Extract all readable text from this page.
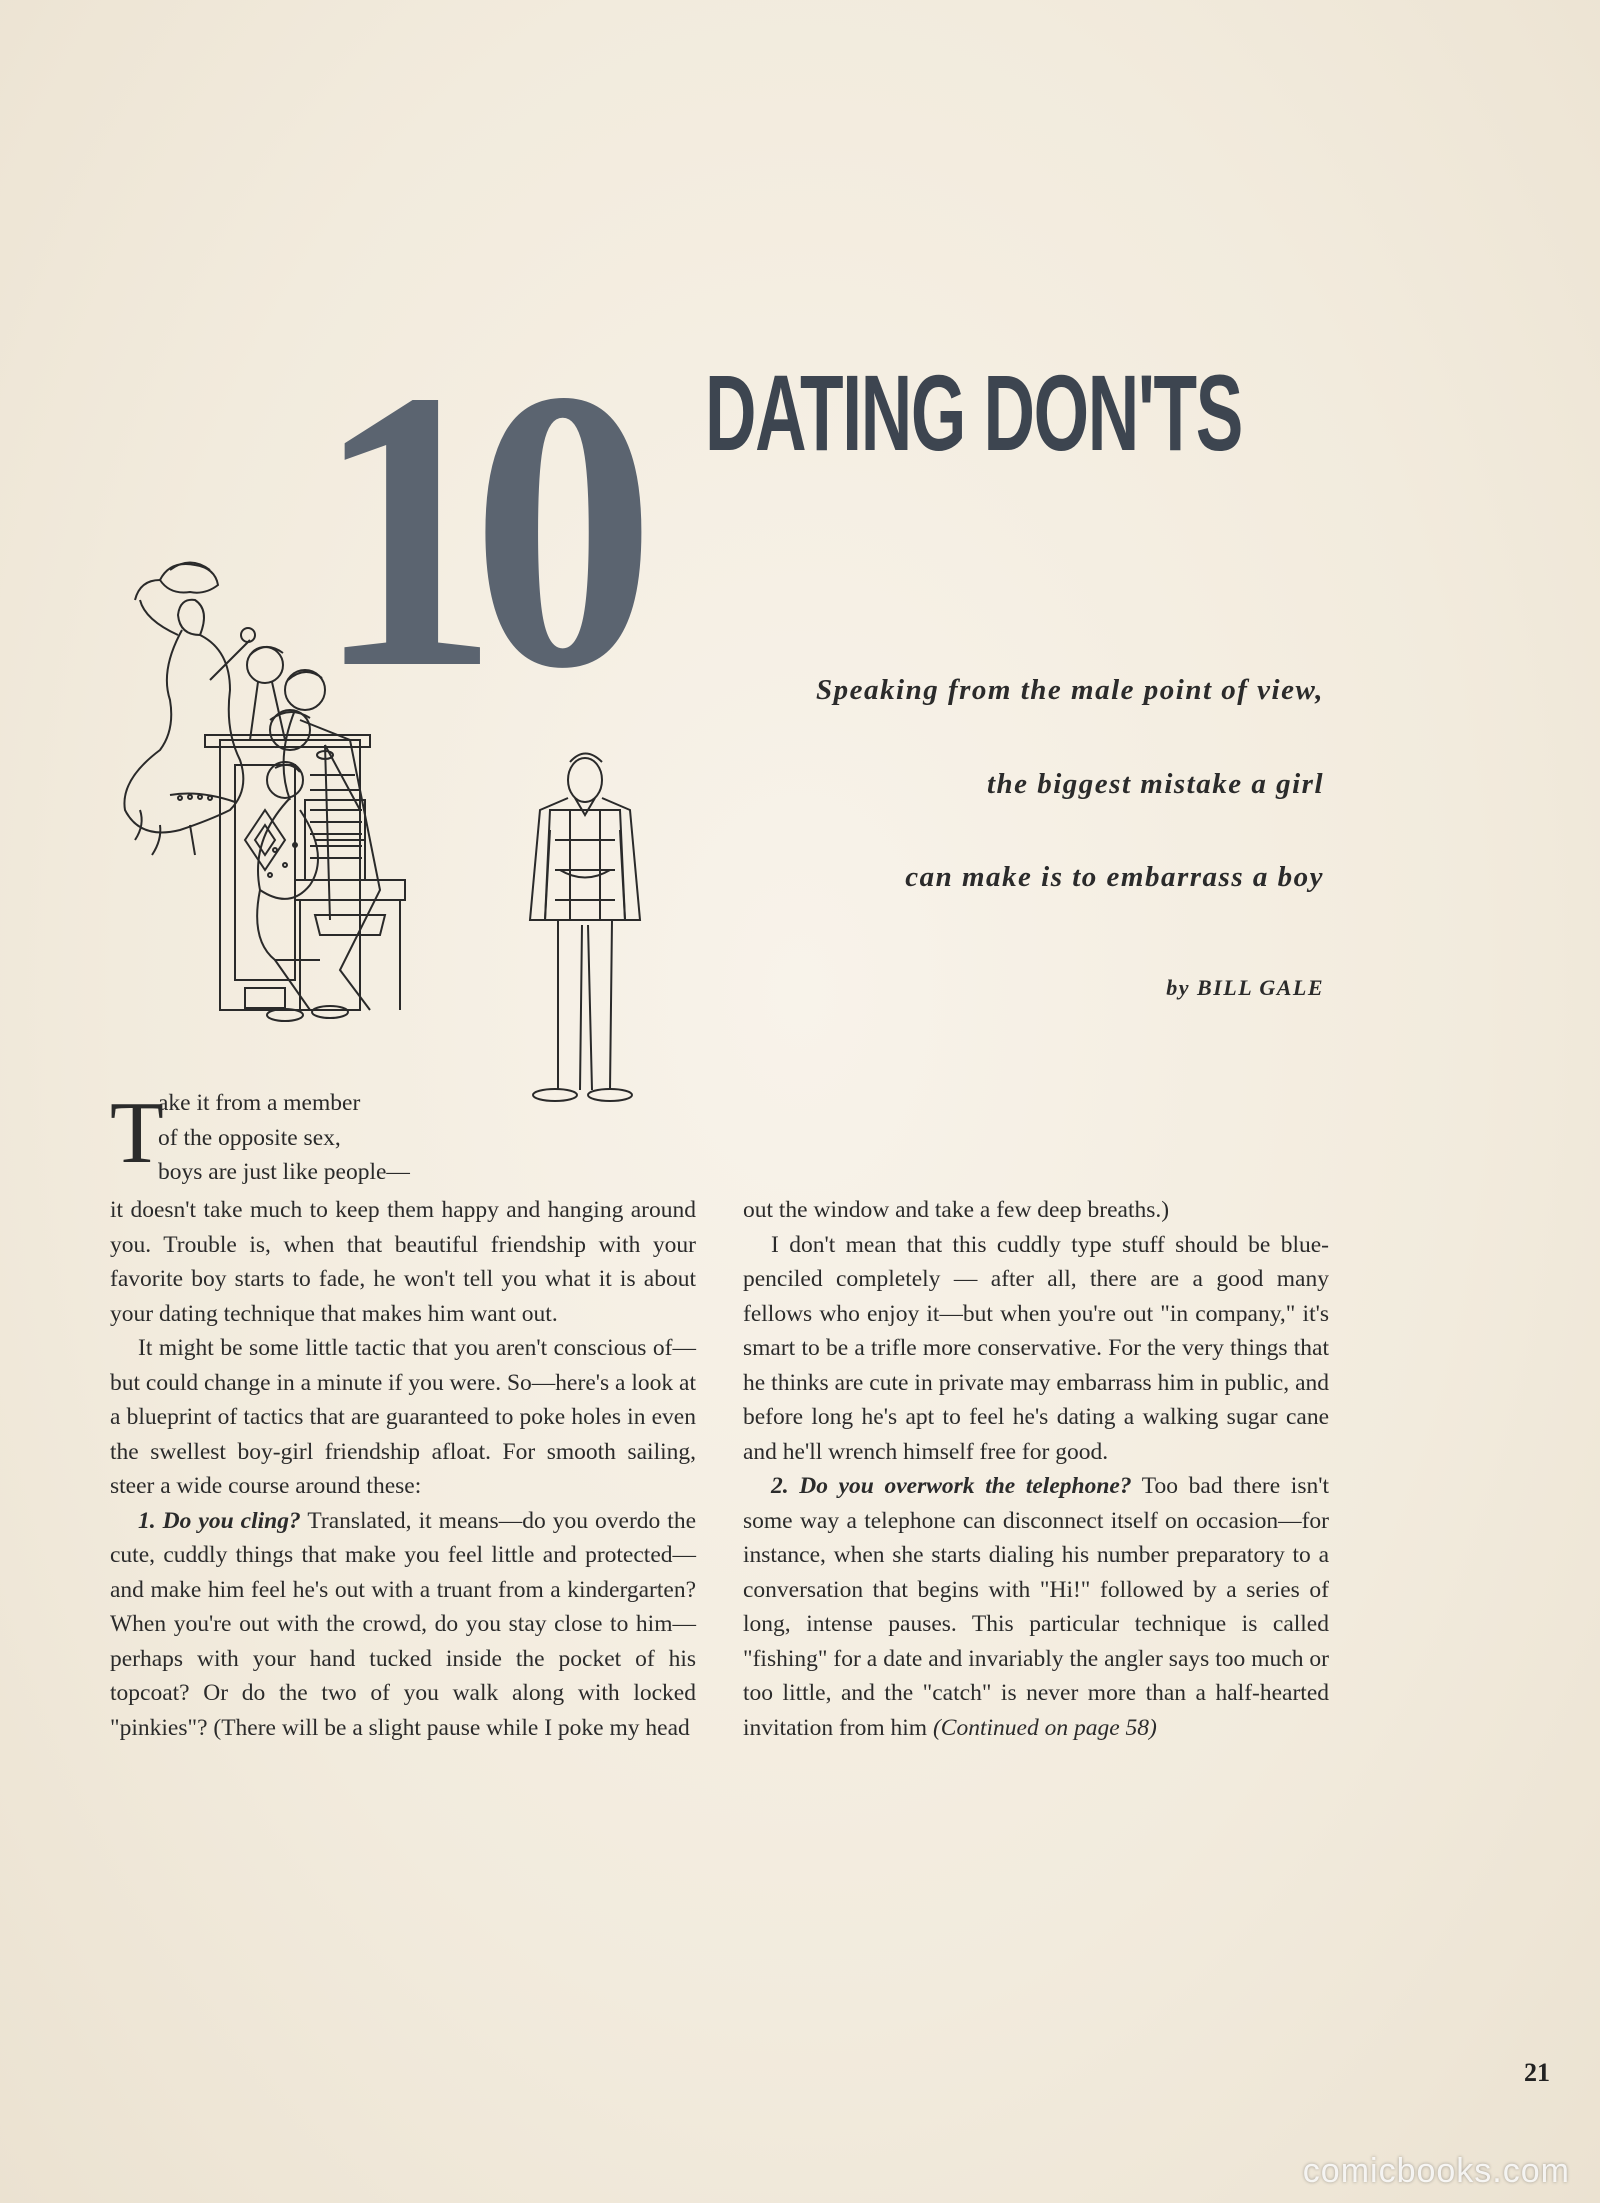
10 DATING DON'TS
Speaking from the male point of view,
the biggest mistake a girl
can make is to embarrass a boy
by BILL GALE
T
ake it from a member
of the opposite sex,
boys are just like people—

it doesn't take much to keep them happy and hanging around you. Trouble is, when that beautiful friendship with your favorite boy starts to fade, he won't tell you what it is about your dating technique that makes him want out.

It might be some little tactic that you aren't conscious of—but could change in a minute if you were. So—here's a look at a blueprint of tactics that are guaranteed to poke holes in even the swellest boy-girl friendship afloat. For smooth sailing, steer a wide course around these:

1. Do you cling? Translated, it means—do you overdo the cute, cuddly things that make you feel little and protected—and make him feel he's out with a truant from a kindergarten? When you're out with the crowd, do you stay close to him—perhaps with your hand tucked inside the pocket of his topcoat? Or do the two of you walk along with locked "pinkies"? (There will be a slight pause while I poke my head

out the window and take a few deep breaths.)

I don't mean that this cuddly type stuff should be blue-penciled completely — after all, there are a good many fellows who enjoy it—but when you're out "in company," it's smart to be a trifle more conservative. For the very things that he thinks are cute in private may embarrass him in public, and before long he's apt to feel he's dating a walking sugar cane and he'll wrench himself free for good.

2. Do you overwork the telephone? Too bad there isn't some way a telephone can disconnect itself on occasion—for instance, when she starts dialing his number preparatory to a conversation that begins with "Hi!" followed by a series of long, intense pauses. This particular technique is called "fishing" for a date and invariably the angler says too much or too little, and the "catch" is never more than a half-hearted invitation from him (Continued on page 58)

21
comicbooks.com
